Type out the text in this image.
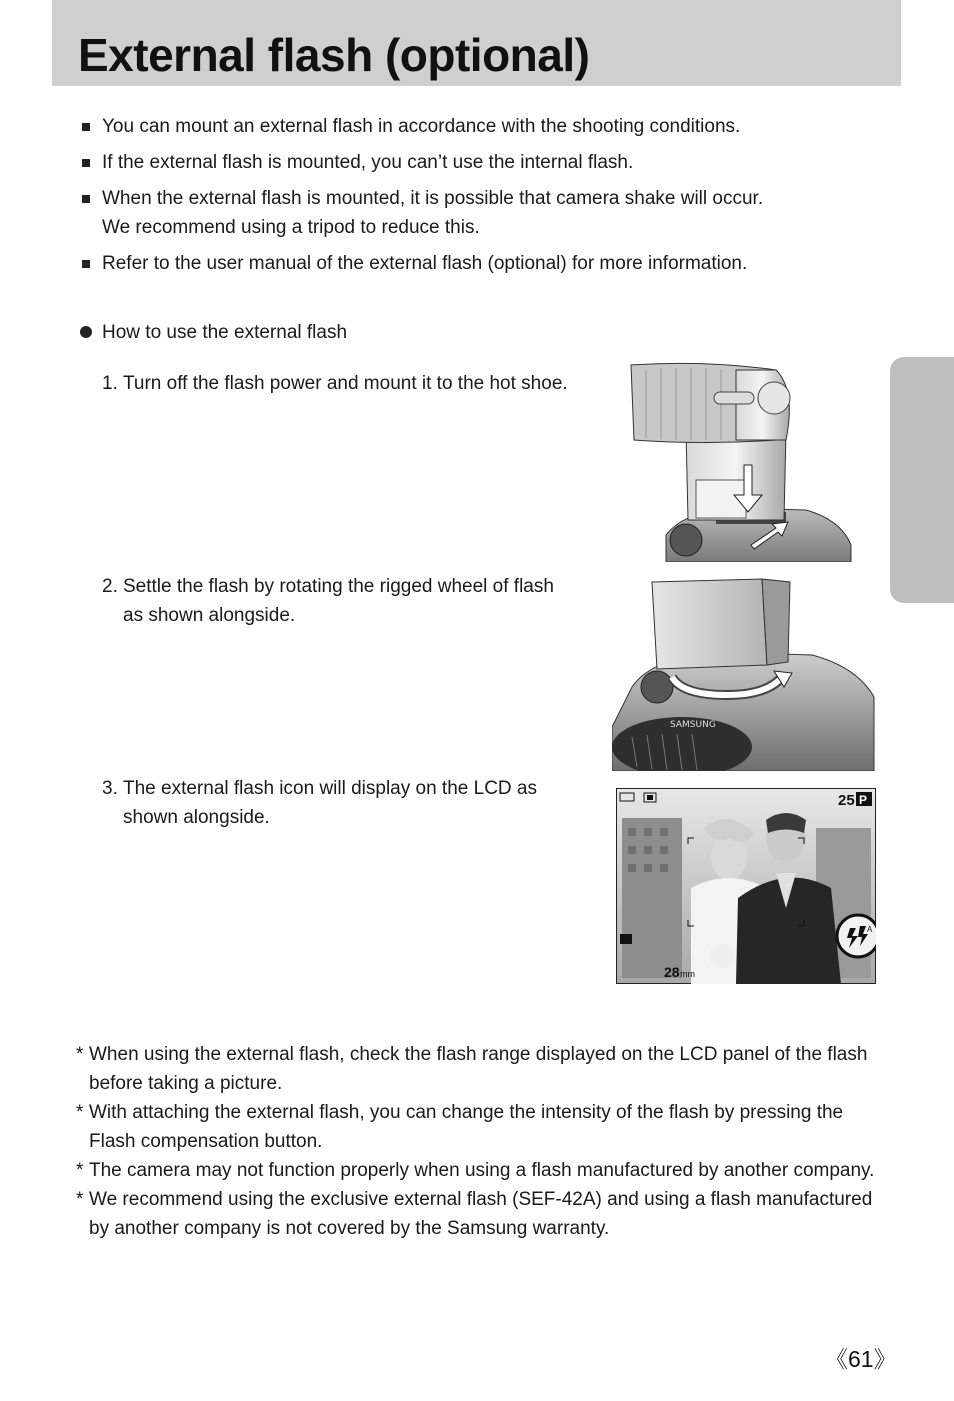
External flash (optional)
You can mount an external flash in accordance with the shooting conditions.
If the external flash is mounted, you can’t use the internal flash.
When the external flash is mounted, it is possible that camera shake will occur.
We recommend using a tripod to reduce this.
Refer to the user manual of the external flash (optional) for more information.
How to use the external flash
1. Turn off the flash power and mount it to the hot shoe.
2. Settle the flash by rotating the rigged wheel of flash as shown alongside.
3. The external flash icon will display on the LCD as shown alongside.
SAMSUNG
25 P
28 mm
A
* When using the external flash, check the flash range displayed on the LCD panel of the flash before taking a picture.
* With attaching the external flash, you can change the intensity of the flash by pressing the Flash compensation button.
* The camera may not function properly when using a flash manufactured by another company.
* We recommend using the exclusive external flash (SEF-42A) and using a flash manufactured by another company is not covered by the Samsung warranty.
《61》
